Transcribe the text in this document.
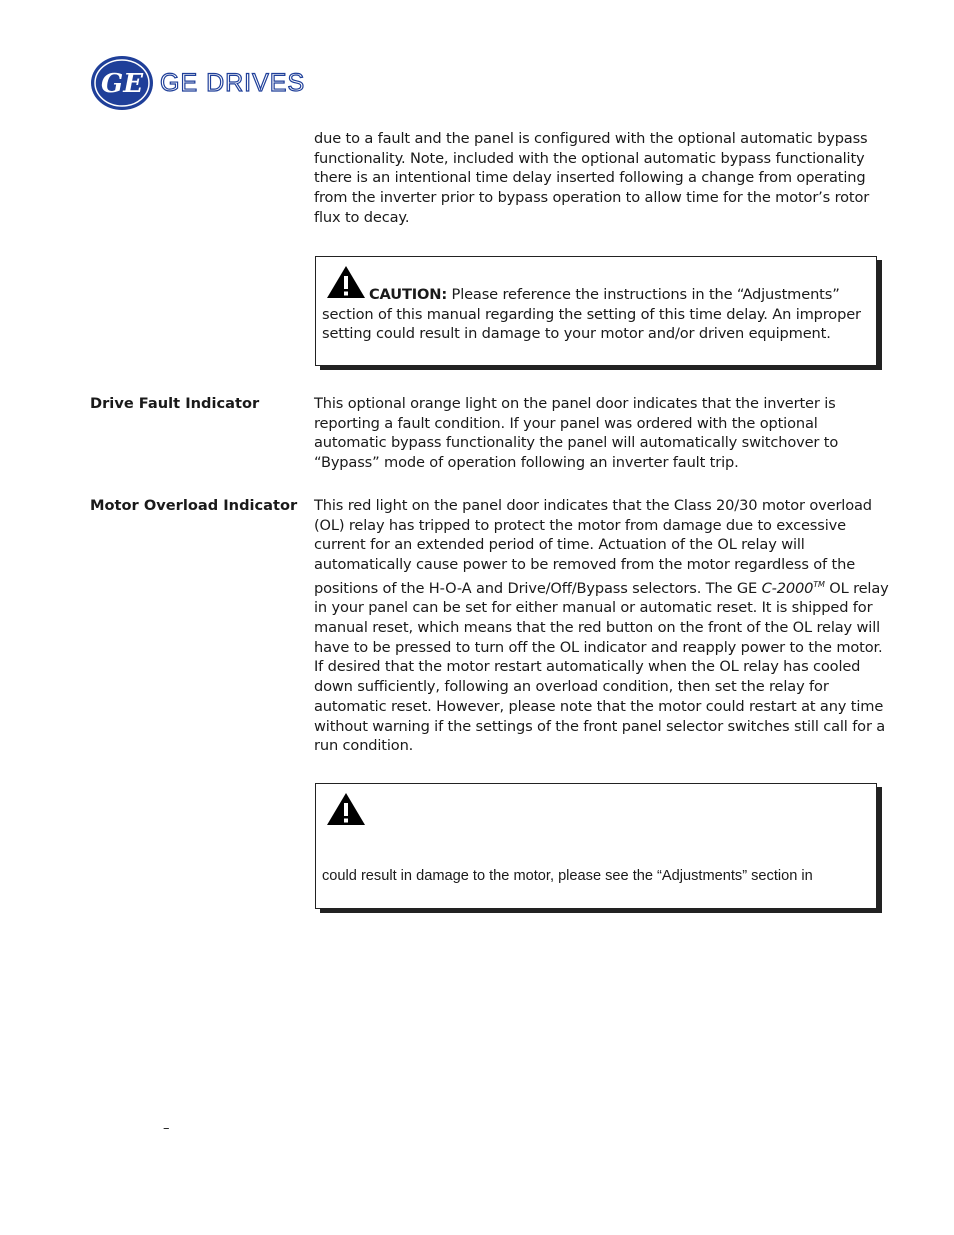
GE GE DRIVES

due to a fault and the panel is configured with the optional automatic bypass functionality. Note, included with the optional automatic bypass functionality there is an intentional time delay inserted following a change from operating from the inverter prior to bypass operation to allow time for the motor’s rotor flux to decay.

CAUTION: Please reference the instructions in the “Adjustments” section of this manual regarding the setting of this time delay. An improper setting could result in damage to your motor and/or driven equipment.

Drive Fault Indicator	This optional orange light on the panel door indicates that the inverter is reporting a fault condition. If your panel was ordered with the optional automatic bypass functionality the panel will automatically switchover to “Bypass” mode of operation following an inverter fault trip.

Motor Overload Indicator	This red light on the panel door indicates that the Class 20/30 motor overload (OL) relay has tripped to protect the motor from damage due to excessive current for an extended period of time. Actuation of the OL relay will automatically cause power to be removed from the motor regardless of the positions of the H-O-A and Drive/Off/Bypass selectors. The GE C-2000™ OL relay in your panel can be set for either manual or automatic reset. It is shipped for manual reset, which means that the red button on the front of the OL relay will have to be pressed to turn off the OL indicator and reapply power to the motor. If desired that the motor restart automatically when the OL relay has cooled down sufficiently, following an overload condition, then set the relay for automatic reset. However, please note that the motor could restart at any time without warning if the settings of the front panel selector switches still call for a run condition.

could result in damage to the motor, please see the “Adjustments” section in

–
